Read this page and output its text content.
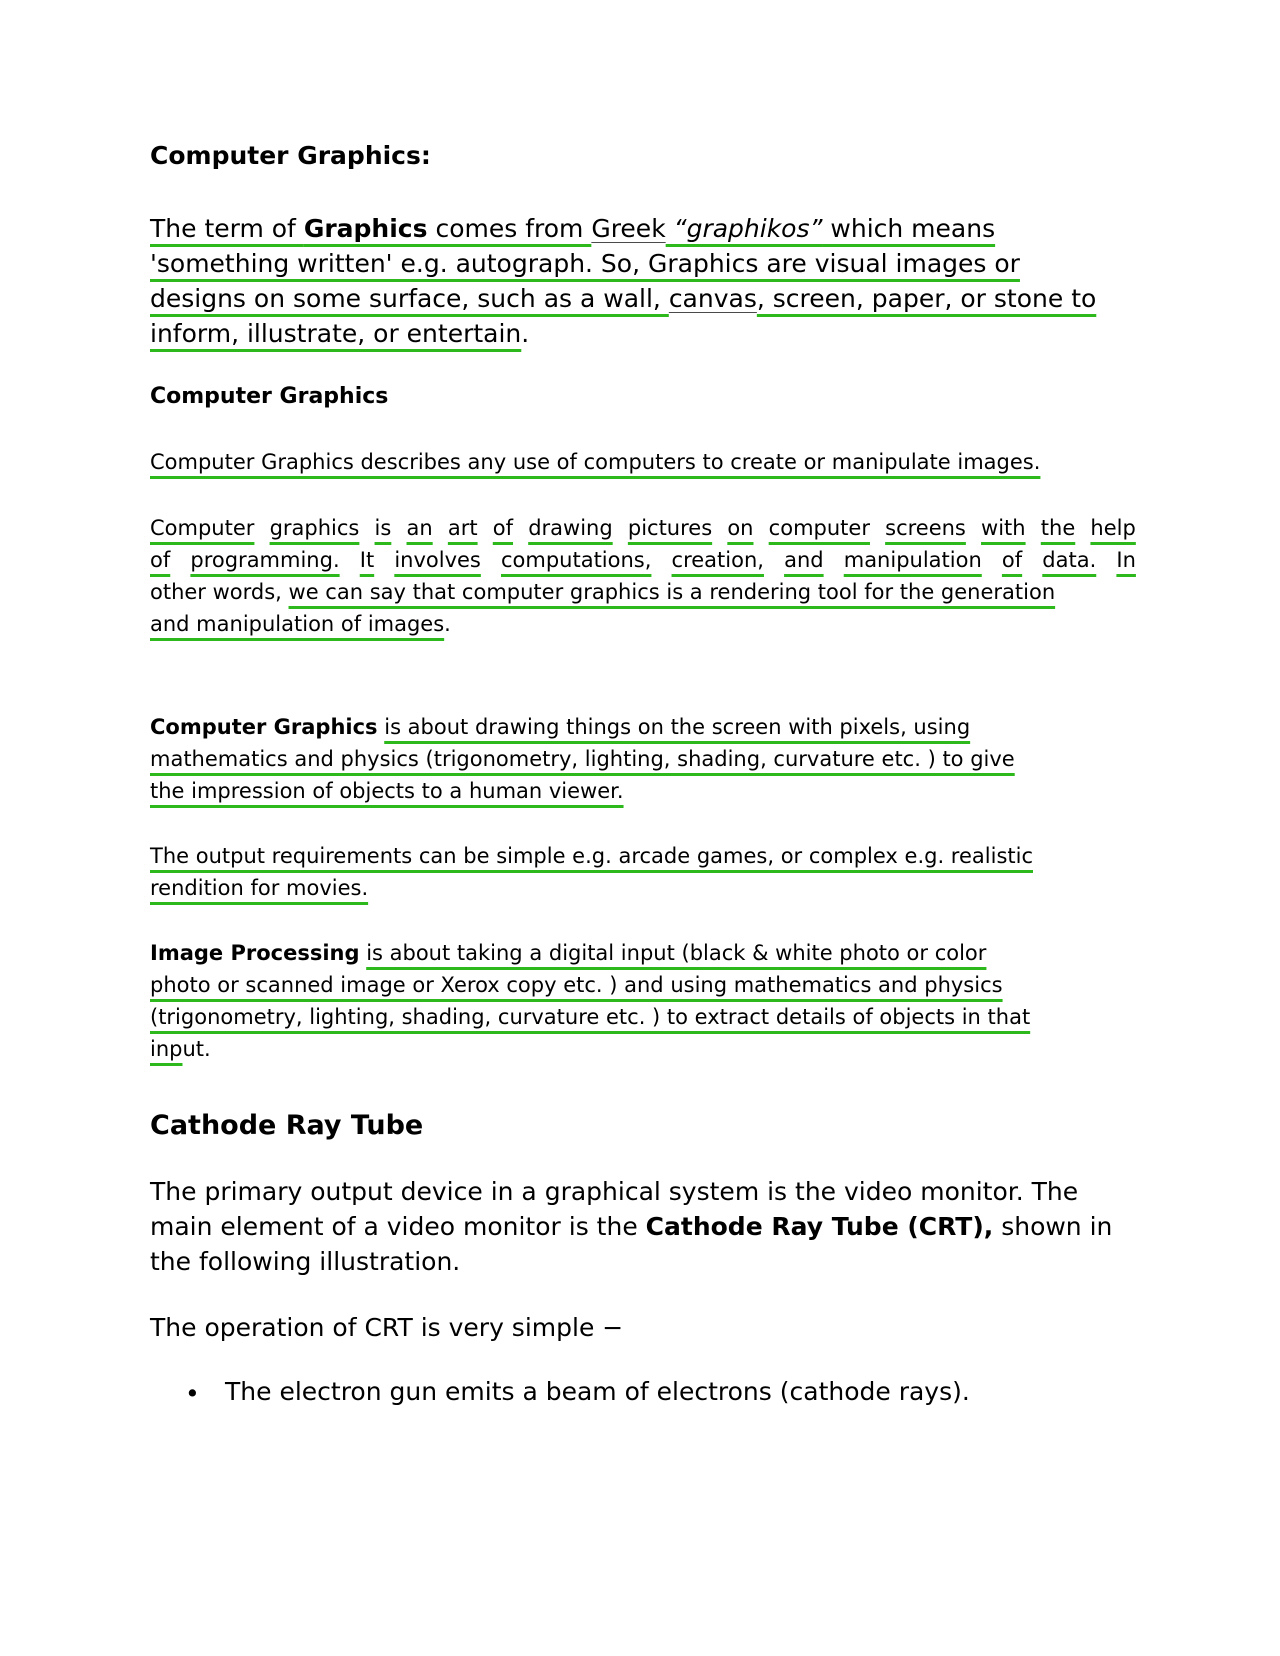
Computer Graphics:
The term of Graphics comes from Greek “graphikos” which means
'something written' e.g. autograph. So, Graphics are visual images or
designs on some surface, such as a wall, canvas, screen, paper, or stone to
inform, illustrate, or entertain.
Computer Graphics
Computer Graphics describes any use of computers to create or manipulate images.
Computer graphics is an art of drawing pictures on computer screens with the help
of programming. It involves computations, creation, and manipulation of data. In
other words, we can say that computer graphics is a rendering tool for the generation
and manipulation of images.
Computer Graphics is about drawing things on the screen with pixels, using
mathematics and physics (trigonometry, lighting, shading, curvature etc. ) to give
the impression of objects to a human viewer.
The output requirements can be simple e.g. arcade games, or complex e.g. realistic
rendition for movies.
Image Processing is about taking a digital input (black & white photo or color
photo or scanned image or Xerox copy etc. ) and using mathematics and physics
(trigonometry, lighting, shading, curvature etc. ) to extract details of objects in that
input.
Cathode Ray Tube
The primary output device in a graphical system is the video monitor. The
main element of a video monitor is the Cathode Ray Tube (CRT), shown in
the following illustration.
The operation of CRT is very simple −
• The electron gun emits a beam of electrons (cathode rays).
